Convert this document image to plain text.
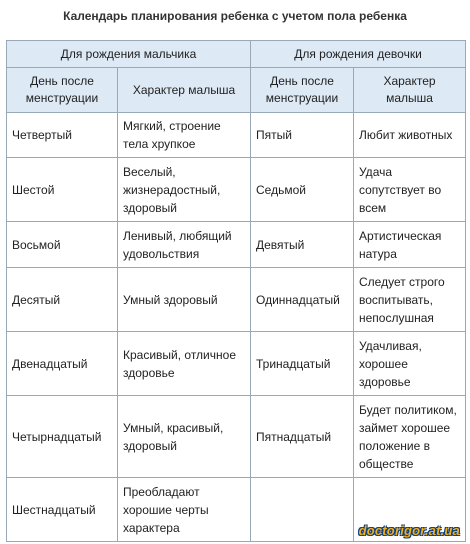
Календарь планирования ребенка с учетом пола ребенка
Для рождения мальчика		Для рождения девочки	
День после менструации	Характер малыша	День после менструации	Характер малыша
Четвертый	Мягкий, строение тела хрупкое	Пятый	Любит животных
Шестой	Веселый, жизнерадостный, здоровый	Седьмой	Удача сопутствует во всем
Восьмой	Ленивый, любящий удовольствия	Девятый	Артистическая натура
Десятый	Умный здоровый	Одиннадцатый	Следует строго воспитывать, непослушная
Двенадцатый	Красивый, отличное здоровье	Тринадцатый	Удачливая, хорошее здоровье
Четырнадцатый	Умный, красивый, здоровый	Пятнадцатый	Будет политиком, займет хорошее положение в обществе
Шестнадцатый	Преобладают хорошие черты характера			doctorigor.at.ua
